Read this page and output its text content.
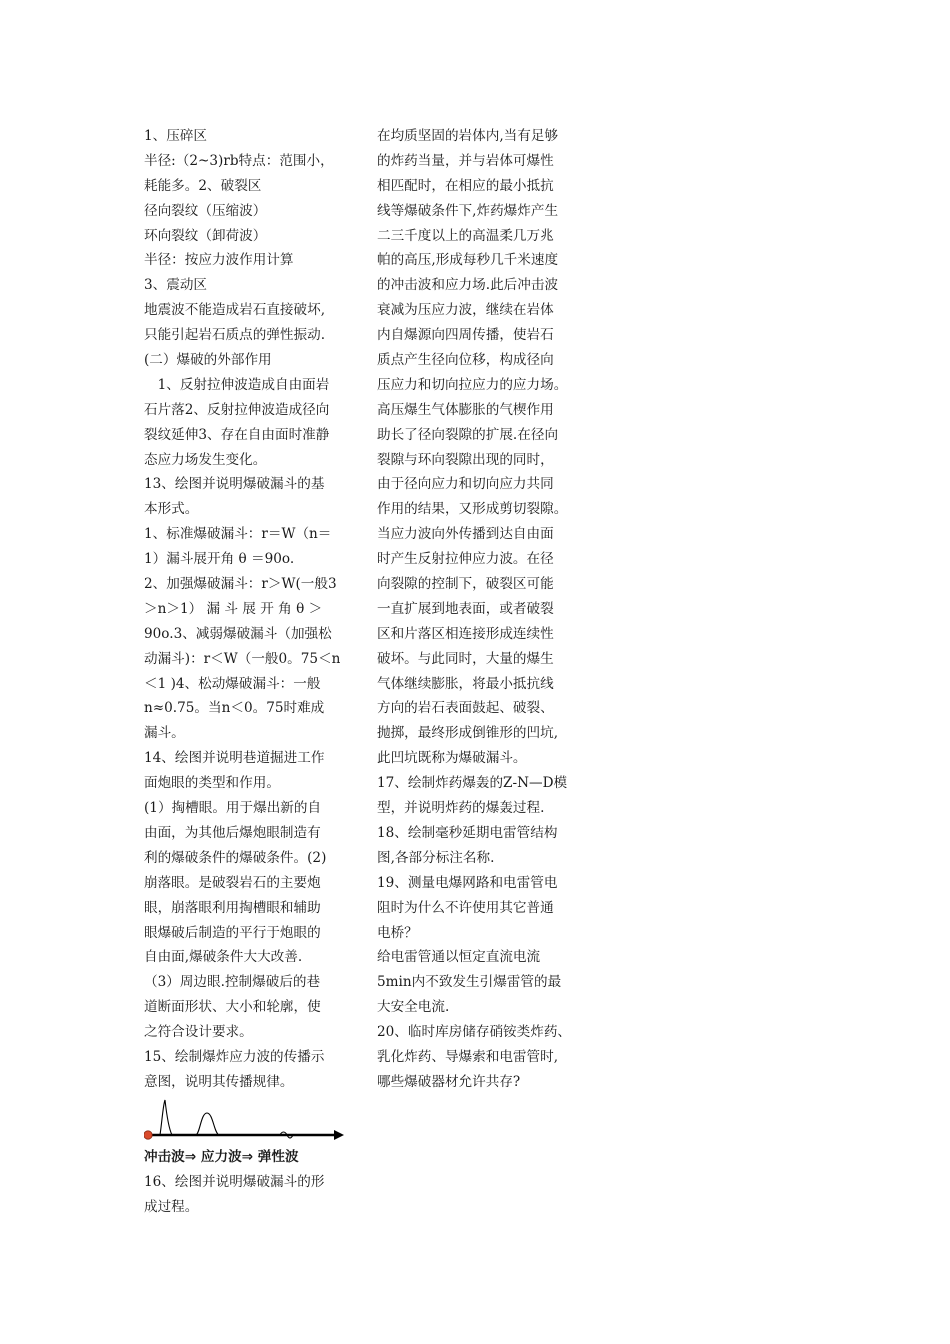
1、压碎区
半径:（2~3)rb特点：范围小，
耗能多。2、破裂区
径向裂纹（压缩波）
环向裂纹（卸荷波）
半径：按应力波作用计算
3、震动区
地震波不能造成岩石直接破坏,
只能引起岩石质点的弹性振动.
(二）爆破的外部作用
　1、反射拉伸波造成自由面岩
石片落2、反射拉伸波造成径向
裂纹延伸3、存在自由面时准静
态应力场发生变化。
13、绘图并说明爆破漏斗的基
本形式。
1、标准爆破漏斗：r＝W（n＝
1）漏斗展开角 θ ＝90o.
2、加强爆破漏斗：r＞W(一般3
＞n＞1） 漏 斗 展 开 角 θ ＞
90o.3、减弱爆破漏斗（加强松
动漏斗)：r＜W（一般0。75＜n
＜1 )4、松动爆破漏斗：一般
n≈0.75。当n＜0。75时难成
漏斗。
14、绘图并说明巷道掘进工作
面炮眼的类型和作用。
(1）掏槽眼。用于爆出新的自
由面，为其他后爆炮眼制造有
利的爆破条件的爆破条件。(2)
崩落眼。是破裂岩石的主要炮
眼，崩落眼利用掏槽眼和辅助
眼爆破后制造的平行于炮眼的
自由面,爆破条件大大改善.
（3）周边眼.控制爆破后的巷
道断面形状、大小和轮廓，使
之符合设计要求。
15、绘制爆炸应力波的传播示
意图，说明其传播规律。
冲击波⇒ 应力波⇒ 弹性波
16、绘图并说明爆破漏斗的形
成过程。
在均质坚固的岩体内,当有足够
的炸药当量，并与岩体可爆性
相匹配时，在相应的最小抵抗
线等爆破条件下,炸药爆炸产生
二三千度以上的高温柔几万兆
帕的高压,形成每秒几千米速度
的冲击波和应力场.此后冲击波
衰减为压应力波，继续在岩体
内自爆源向四周传播，使岩石
质点产生径向位移，构成径向
压应力和切向拉应力的应力场。
高压爆生气体膨胀的气楔作用
助长了径向裂隙的扩展.在径向
裂隙与环向裂隙出现的同时，
由于径向应力和切向应力共同
作用的结果，又形成剪切裂隙。
当应力波向外传播到达自由面
时产生反射拉伸应力波。在径
向裂隙的控制下，破裂区可能
一直扩展到地表面，或者破裂
区和片落区相连接形成连续性
破坏。与此同时，大量的爆生
气体继续膨胀，将最小抵抗线
方向的岩石表面鼓起、破裂、
抛掷，最终形成倒锥形的凹坑,
此凹坑既称为爆破漏斗。
17、绘制炸药爆轰的Z-N—D模
型，并说明炸药的爆轰过程.
18、绘制毫秒延期电雷管结构
图,各部分标注名称.
19、测量电爆网路和电雷管电
阻时为什么不许使用其它普通
电桥？
给电雷管通以恒定直流电流
5min内不致发生引爆雷管的最
大安全电流.
20、临时库房储存硝铵类炸药、
乳化炸药、导爆索和电雷管时,
哪些爆破器材允许共存?
